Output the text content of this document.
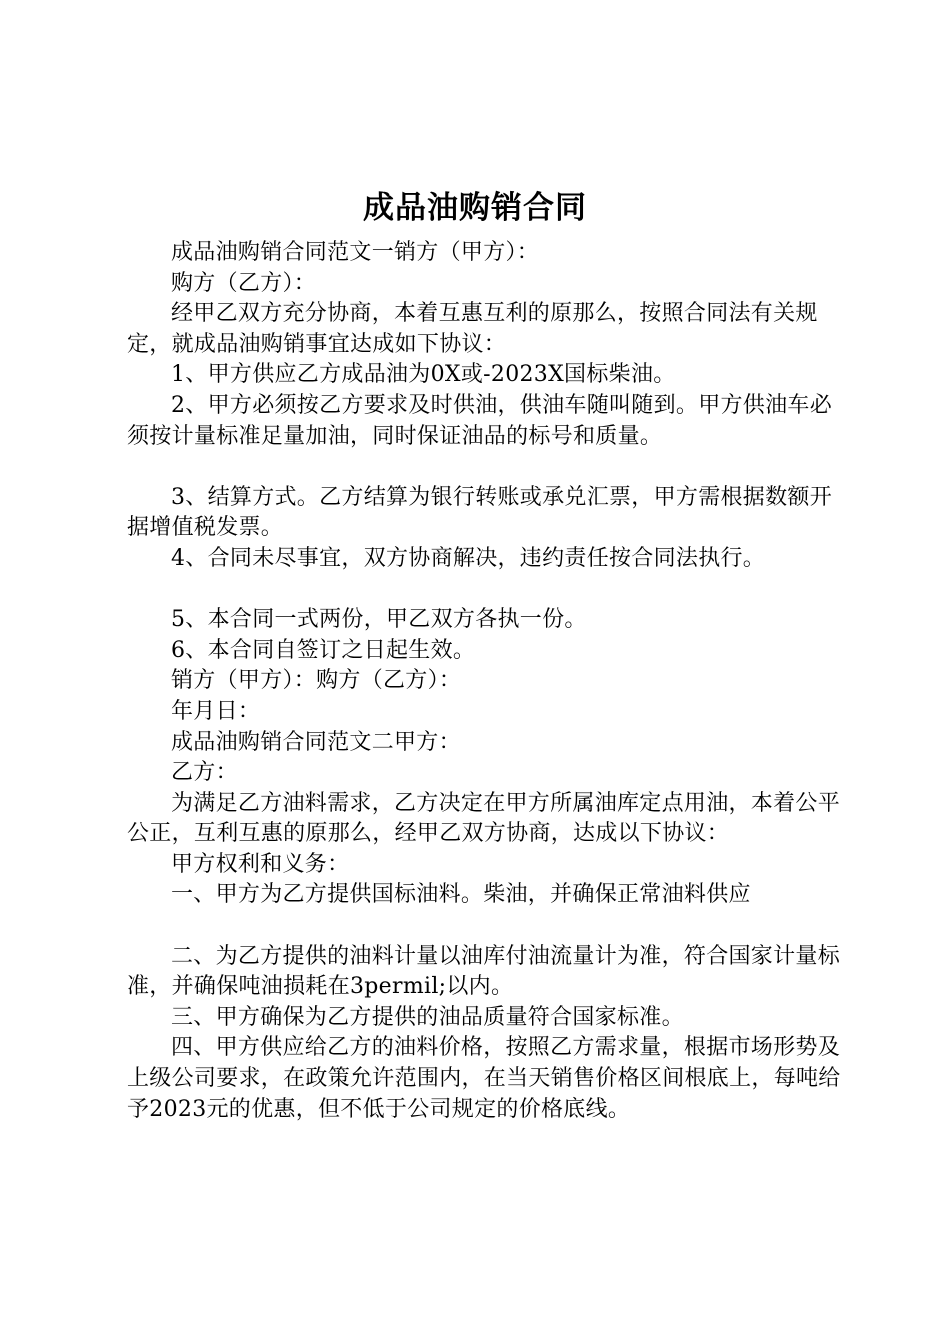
成品油购销合同

成品油购销合同范文一销方（甲方）：

购方（乙方）：

经甲乙双方充分协商，本着互惠互利的原那么，按照合同法有关规定，就成品油购销事宜达成如下协议：

1、甲方供应乙方成品油为0X或-2023X国标柴油。

2、甲方必须按乙方要求及时供油，供油车随叫随到。甲方供油车必须按计量标准足量加油，同时保证油品的标号和质量。

3、结算方式。乙方结算为银行转账或承兑汇票，甲方需根据数额开据增值税发票。

4、合同未尽事宜，双方协商解决，违约责任按合同法执行。

5、本合同一式两份，甲乙双方各执一份。

6、本合同自签订之日起生效。

销方（甲方）：购方（乙方）：

年月日：

成品油购销合同范文二甲方：

乙方：

为满足乙方油料需求，乙方决定在甲方所属油库定点用油，本着公平公正，互利互惠的原那么，经甲乙双方协商，达成以下协议：

甲方权利和义务：

一、甲方为乙方提供国标油料。柴油，并确保正常油料供应

二、为乙方提供的油料计量以油库付油流量计为准，符合国家计量标准，并确保吨油损耗在3permil;以内。

三、甲方确保为乙方提供的油品质量符合国家标准。

四、甲方供应给乙方的油料价格，按照乙方需求量，根据市场形势及上级公司要求，在政策允许范围内，在当天销售价格区间根底上，每吨给予2023元的优惠，但不低于公司规定的价格底线。
